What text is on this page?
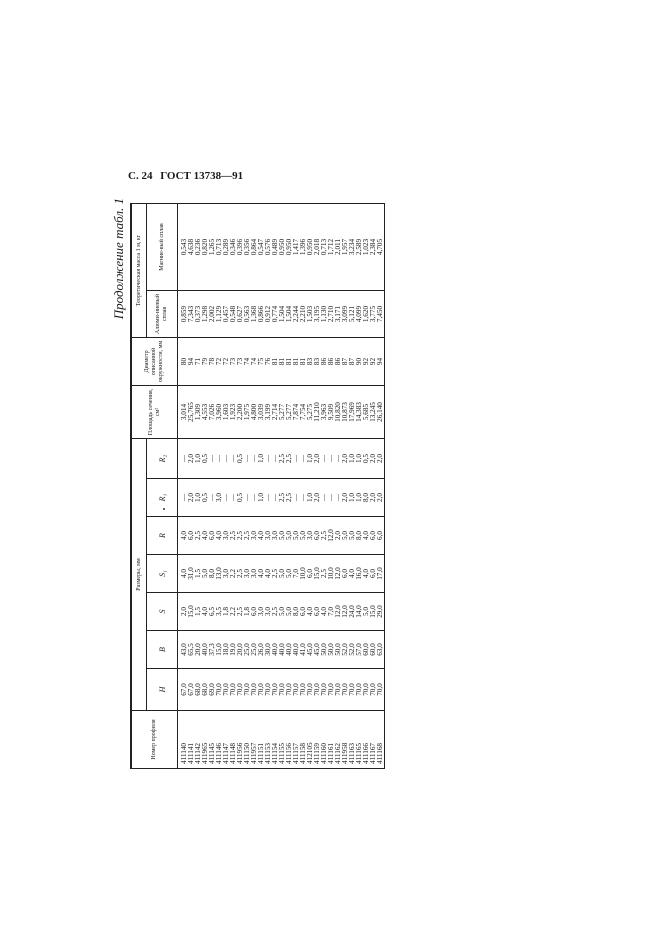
С. 24 ГОСТ 13738—91
Продолжение табл. 1
Номер профиля	Размеры, мм							Площадь сечения, см²	Диаметр описанной окружности, мм	Теоретическая масса 1 м, кг	
	H	B	S	S₁	R	R₁	R₂			Алюми-ниевый сплав	Магние-вый сплав
411140	67,0	43,0	2,0	4,0	4,0	—	—	3,014	80	0,859	0,543
411141	67,0	65,5	15,0	31,0	6,0	2,0	2,0	25,765	94	7,343	4,638
411142	68,0	20,0	1,5	1,5	2,5	1,0	1,0	1,309	71	0,373	0,236
411965	68,0	40,0	4,0	5,0	4,0	0,5	0,5	4,553	79	1,298	0,820
411145	69,0	37,3	6,5	8,0	6,0	—	—	7,026	78	2,002	1,265
411146	70,0	15,0	3,5	13,0	4,0	3,0	—	3,960	72	1,129	0,713
411147	70,0	18,0	1,8	3,0	3,0	—	—	1,603	72	0,457	0,289
411148	70,0	19,0	2,2	2,2	2,5	—	—	1,923	73	0,548	0,346
411956	70,0	20,0	2,5	2,5	2,5	0,5	0,5	2,200	73	0,627	0,396
411150	70,0	25,0	1,8	3,0	2,5	—	—	1,975	74	0,563	0,356
411957	70,0	25,0	6,0	3,0	3,0	—	—	4,800	74	1,368	0,864
411151	70,0	26,0	3,0	4,0	4,0	1,0	1,0	3,039	75	0,866	0,547
411153	70,0	30,0	3,0	4,0	3,0	—	—	3,199	76	0,912	0,576
411154	70,0	40,0	2,5	2,5	3,0	—	—	2,714	81	0,774	0,489
411155	70,0	40,0	5,0	5,0	5,0	2,5	2,5	5,277	81	1,504	0,950
411156	70,0	40,0	5,0	5,0	5,0	2,5	2,5	5,277	81	1,504	0,950
411157	70,0	40,0	8,0	7,0	5,0	—	—	7,874	81	2,244	1,417
411158	70,0	41,0	6,0	10,0	5,0	—	—	7,754	81	2,210	1,396
412105	70,0	45,0	4,0	6,0	3,0	1,0	1,0	5,275	83	1,503	0,950
411159	70,0	45,0	6,0	15,0	6,0	2,0	2,0	11,210	83	3,195	2,018
411160	70,0	50,0	4,0	2,5	2,5	—	—	3,963	86	1,130	0,713
411161	70,0	50,0	7,0	10,0	12,0	—	—	9,509	86	2,710	1,712
411162	70,0	50,0	12,0	12,0	2,0	—	—	10,820	86	3,171	2,011
411958	70,0	52,0	12,0	6,0	5,0	2,0	2,0	10,873	87	3,099	1,957
411163	70,0	52,0	24,0	4,0	5,0	1,0	1,0	17,969	87	5,121	3,234
411165	70,0	57,0	14,0	16,0	8,0	1,0	1,0	14,383	90	4,099	2,589
411166	70,0	60,0	5,0	4,0	4,0	8,0	0,5	5,685	92	1,620	1,023
411167	70,0	60,0	15,0	6,0	6,0	2,0	2,0	13,245	92	3,775	2,384
411168	70,0	63,0	29,0	17,0	6,0	2,0	2,0	26,140	94	7,450	4,705
